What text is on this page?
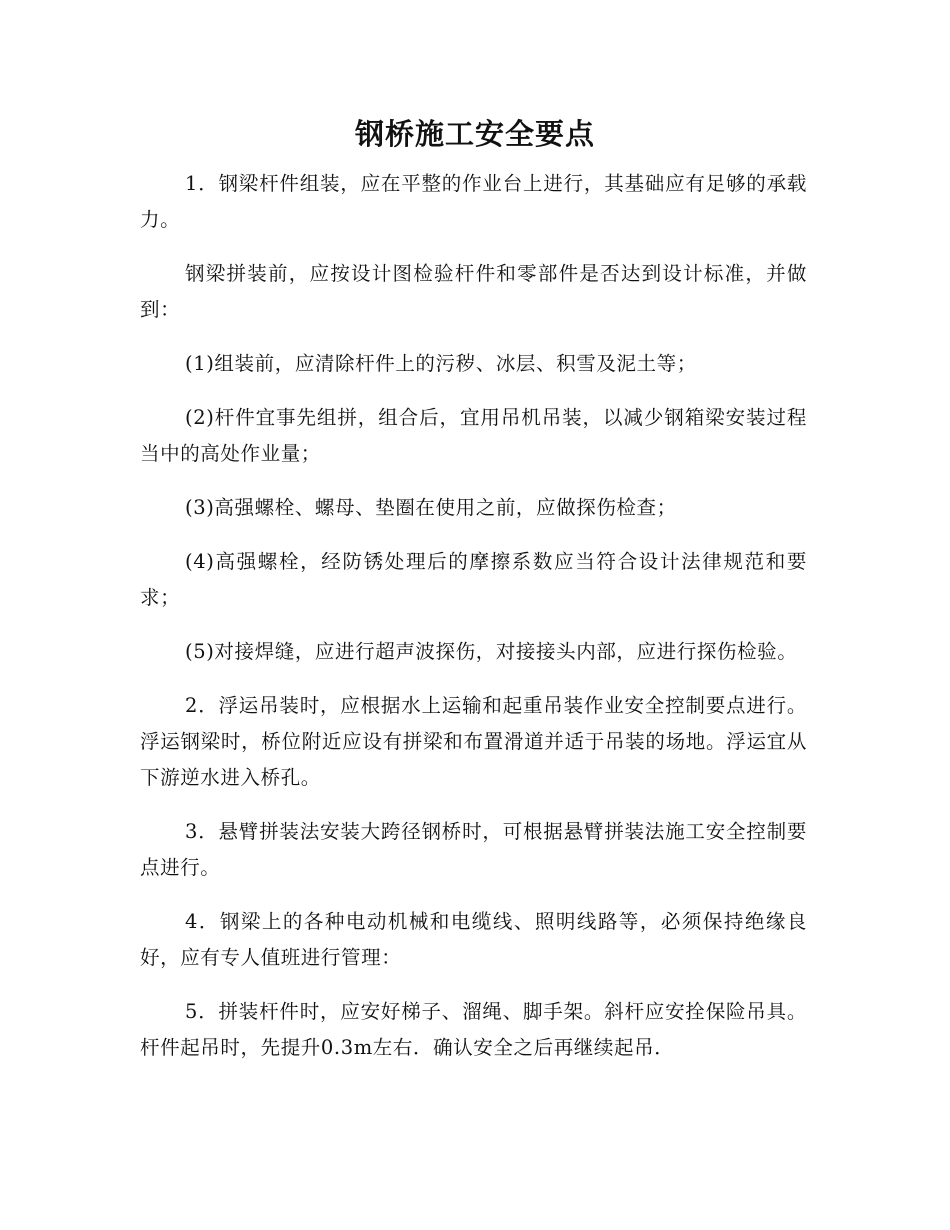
钢桥施工安全要点

1．钢梁杆件组装，应在平整的作业台上进行，其基础应有足够的承载力。

钢梁拼装前，应按设计图检验杆件和零部件是否达到设计标准，并做到：

(1)组装前，应清除杆件上的污秽、冰层、积雪及泥土等；

(2)杆件宜事先组拼，组合后，宜用吊机吊装，以减少钢箱梁安装过程当中的高处作业量；

(3)高强螺栓、螺母、垫圈在使用之前，应做探伤检查；

(4)高强螺栓，经防锈处理后的摩擦系数应当符合设计法律规范和要求；

(5)对接焊缝，应进行超声波探伤，对接接头内部，应进行探伤检验。

2．浮运吊装时，应根据水上运输和起重吊装作业安全控制要点进行。浮运钢梁时，桥位附近应设有拼梁和布置滑道并适于吊装的场地。浮运宜从下游逆水进入桥孔。

3．悬臂拼装法安装大跨径钢桥时，可根据悬臂拼装法施工安全控制要点进行。

4．钢梁上的各种电动机械和电缆线、照明线路等，必须保持绝缘良好，应有专人值班进行管理：

5．拼装杆件时，应安好梯子、溜绳、脚手架。斜杆应安拴保险吊具。杆件起吊时，先提升0.3m左右．确认安全之后再继续起吊．
